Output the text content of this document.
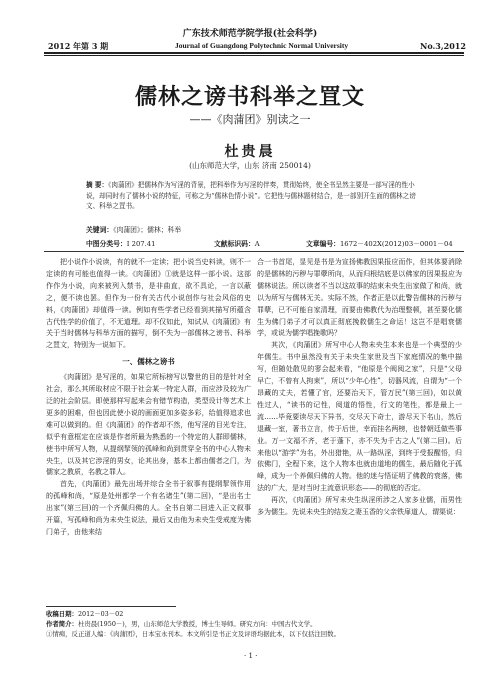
广东技术师范学院学报(社会科学)
2012 年第 3 期	Journal of Guangdong Polytechnic Normal University	No.3,2012
儒林之谤书科举之罝文
——《肉蒲团》别读之一
杜贵晨
(山东师范大学，山东 济南 250014)
摘 要：《肉蒲团》把儒林作为写淫的背景，把科举作为写淫的伴奏，贯彻始终，使全书呈然主要是一部写淫的性小说，却同时有了儒林小说的特征，可称之为“儒林色情小说”。它把性与儒林题材结合，是一部别开生面的儒林之谤文、科举之罝书。
关键词：《肉蒲团》；儒林；科举
中图分类号：I 207.41	文献标识码：A	文章编号：1672－402X(2012)03－0001－04

把小说作小说读，有的就不一定读；把小说当史料读，则不一定读的有可能也值得一读。《肉蒲团》①就是这样一部小说。这部作作为小说，向来被列入禁书，是非曲直，欲不具论，一言以蔽之，便不读也罢。但作为一份有关古代小说创作与社会风俗的史料，《肉蒲团》却值得一读。例如有些学者已经看到其描写所蕴含古代性学的价值了，不无道理。却不仅如此，知试从《肉蒲团》有关于当时儒林与科举方面的描写，倒不失为一部儒林之谤书、科举之罝文，特别为一说如下。

一、儒林之谤书

《肉蒲团》是写淫的，如果它所标榜写以警世的目的是针对全社会，那么其所取材应不限于社会某一特定人群，而应涉及较为广泛的社会阶层。即使那样写起来会有错节构造，类型设计等艺术上更多的困难，但也因此使小说的画面更加多姿多彩，给值得追求也难可以做到的。但《肉蒲团》的作者却不然，他写淫的目光专注，似乎有意框定在应该是作者所最为熟悉的一个特定的人群即儒林，使书中所写人物，从提纲挈领的孤峰和尚到贯穿全书的中心人物未央生，以及其它涉淫的男女，论其出身，基本上都由儒者之门，为儒家之教质，名教之罪人。

首先，《肉蒲团》最先出场并综合全书于叙事有提纲挈领作用的孤峰和尚，“原是处州都学一个有名诸生”(第二回)，“是出名士出家”(第三回)的一个齐佩归佛的人。全书自第二回进入正文叙事开篇，写孤峰和尚为未央生说法，最后又由他为未央生受戒度为佛门弟子，由他来结

合一书首尾，显见是书是为宣扬佛教因果报应而作，但其体要消除的是儒林的污秽与罪孽所向，从而归根结底是以佛家的因果报应为儒林说法。所以读者不当以这故事的结束未央生出家做了和尚，就以为所写与儒林无关。实际不然，作者正是以此警告儒林的污秽与罪孽，已不可能自家清理，而要由佛教代为治理整顿，甚至要化儒生为佛门弟子才可以真正彻底挽救儒生之命运！这岂不是唱衰儒学，或说为儒学唱挽歌吗？

其次，《肉蒲团》所写中心人物未央生本来也是一个典型的少年儒生。书中虽然没有关于未央生家世及当下家庭情况的集中描写，但随处散见的寥会起来看，“他原是个阀阅之家”，只是“父母早亡，不曾有人拘束”，所以“少年心性”，切器风流，自谓为“一个昂藏的丈夫，若懂了官，还要治天下，管万民”(第三回)，如以黄性过人，“读书的记性，阅道的悟性，行文的笔性，都是最上一流……毕竟要读尽天下异书，交尽天下奇士，游尽天下名山，然后退藏一室，著书立言，传于后世，幸而挂名两榜，也替朝廷做些事业。万一文福不齐，老于蓬下，亦不失为千古之人”(第二回)。后来他以“游学”为名，外出猎艳，从一路纵淫，到终于受报醒悟，归依佛门，全程下来，这个人物本也就由道地的儒生，最后随化于孤峰，成为一个养佩归佛的人物。他的迷与悟证明了佛教的衰落，佛法的广大，是对当时主流意识形态——的彻底的否定。

再次，《肉蒲团》所写未央生纵淫所涉之人家多业儒，而男性多为儒生。先说未央生的结发之妻玉香的父亲铁扉道人，谓渠说：

收稿日期：2012－03－02
作者简介：杜贵晨(1950－)，男，山东师范大学教授，博士生导师。研究方向：中国古代文学。
①情痴，反正道人编：《肉蒲团》，日本宝永刊本。本文所引是书正文及评语均据此本，以下仅括注回数。
· 1 ·
